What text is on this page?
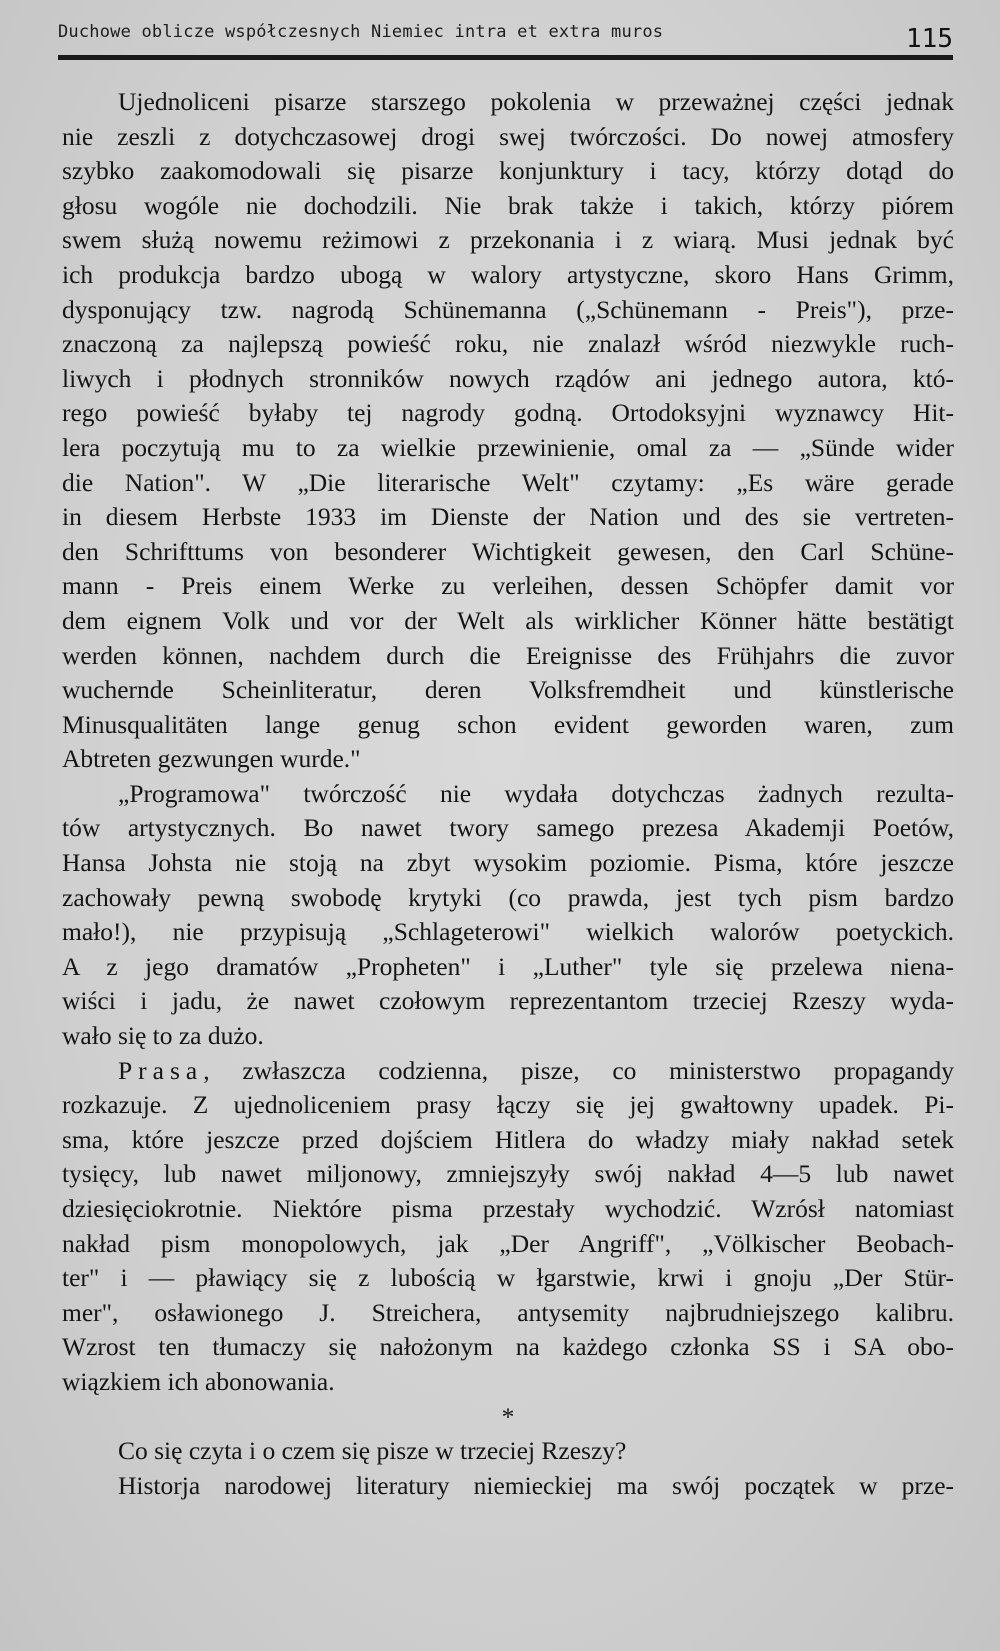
Duchowe oblicze współczesnych Niemiec intra et extra muros	115
Ujednoliceni pisarze starszego pokolenia w przeważnej części jednak
nie zeszli z dotychczasowej drogi swej twórczości. Do nowej atmosfery
szybko zaakomodowali się pisarze konjunktury i tacy, którzy dotąd do
głosu wogóle nie dochodzili. Nie brak także i takich, którzy piórem
swem służą nowemu reżimowi z przekonania i z wiarą. Musi jednak być
ich produkcja bardzo ubogą w walory artystyczne, skoro Hans Grimm,
dysponujący tzw. nagrodą Schünemanna („Schünemann - Preis"), prze-
znaczoną za najlepszą powieść roku, nie znalazł wśród niezwykle ruch-
liwych i płodnych stronników nowych rządów ani jednego autora, któ-
rego powieść byłaby tej nagrody godną. Ortodoksyjni wyznawcy Hit-
lera poczytują mu to za wielkie przewinienie, omal za — „Sünde wider
die Nation". W „Die literarische Welt" czytamy: „Es wäre gerade
in diesem Herbste 1933 im Dienste der Nation und des sie vertreten-
den Schrifttums von besonderer Wichtigkeit gewesen, den Carl Schüne-
mann - Preis einem Werke zu verleihen, dessen Schöpfer damit vor
dem eignem Volk und vor der Welt als wirklicher Könner hätte bestätigt
werden können, nachdem durch die Ereignisse des Frühjahrs die zuvor
wuchernde Scheinliteratur, deren Volksfremdheit und künstlerische
Minusqualitäten lange genug schon evident geworden waren, zum
Abtreten gezwungen wurde."
„Programowa" twórczość nie wydała dotychczas żadnych rezulta-
tów artystycznych. Bo nawet twory samego prezesa Akademji Poetów,
Hansa Johsta nie stoją na zbyt wysokim poziomie. Pisma, które jeszcze
zachowały pewną swobodę krytyki (co prawda, jest tych pism bardzo
mało!), nie przypisują „Schlageterowi" wielkich walorów poetyckich.
A z jego dramatów „Propheten" i „Luther" tyle się przelewa niena-
wiści i jadu, że nawet czołowym reprezentantom trzeciej Rzeszy wyda-
wało się to za dużo.
Prasa, zwłaszcza codzienna, pisze, co ministerstwo propagandy
rozkazuje. Z ujednoliceniem prasy łączy się jej gwałtowny upadek. Pi-
sma, które jeszcze przed dojściem Hitlera do władzy miały nakład setek
tysięcy, lub nawet miljonowy, zmniejszyły swój nakład 4—5 lub nawet
dziesięciokrotnie. Niektóre pisma przestały wychodzić. Wzrósł natomiast
nakład pism monopolowych, jak „Der Angriff", „Völkischer Beobach-
ter" i — pławiący się z lubością w łgarstwie, krwi i gnoju „Der Stür-
mer", osławionego J. Streichera, antysemity najbrudniejszego kalibru.
Wzrost ten tłumaczy się nałożonym na każdego członka SS i SA obo-
wiązkiem ich abonowania.
*
Co się czyta i o czem się pisze w trzeciej Rzeszy?
Historja narodowej literatury niemieckiej ma swój początek w prze-
